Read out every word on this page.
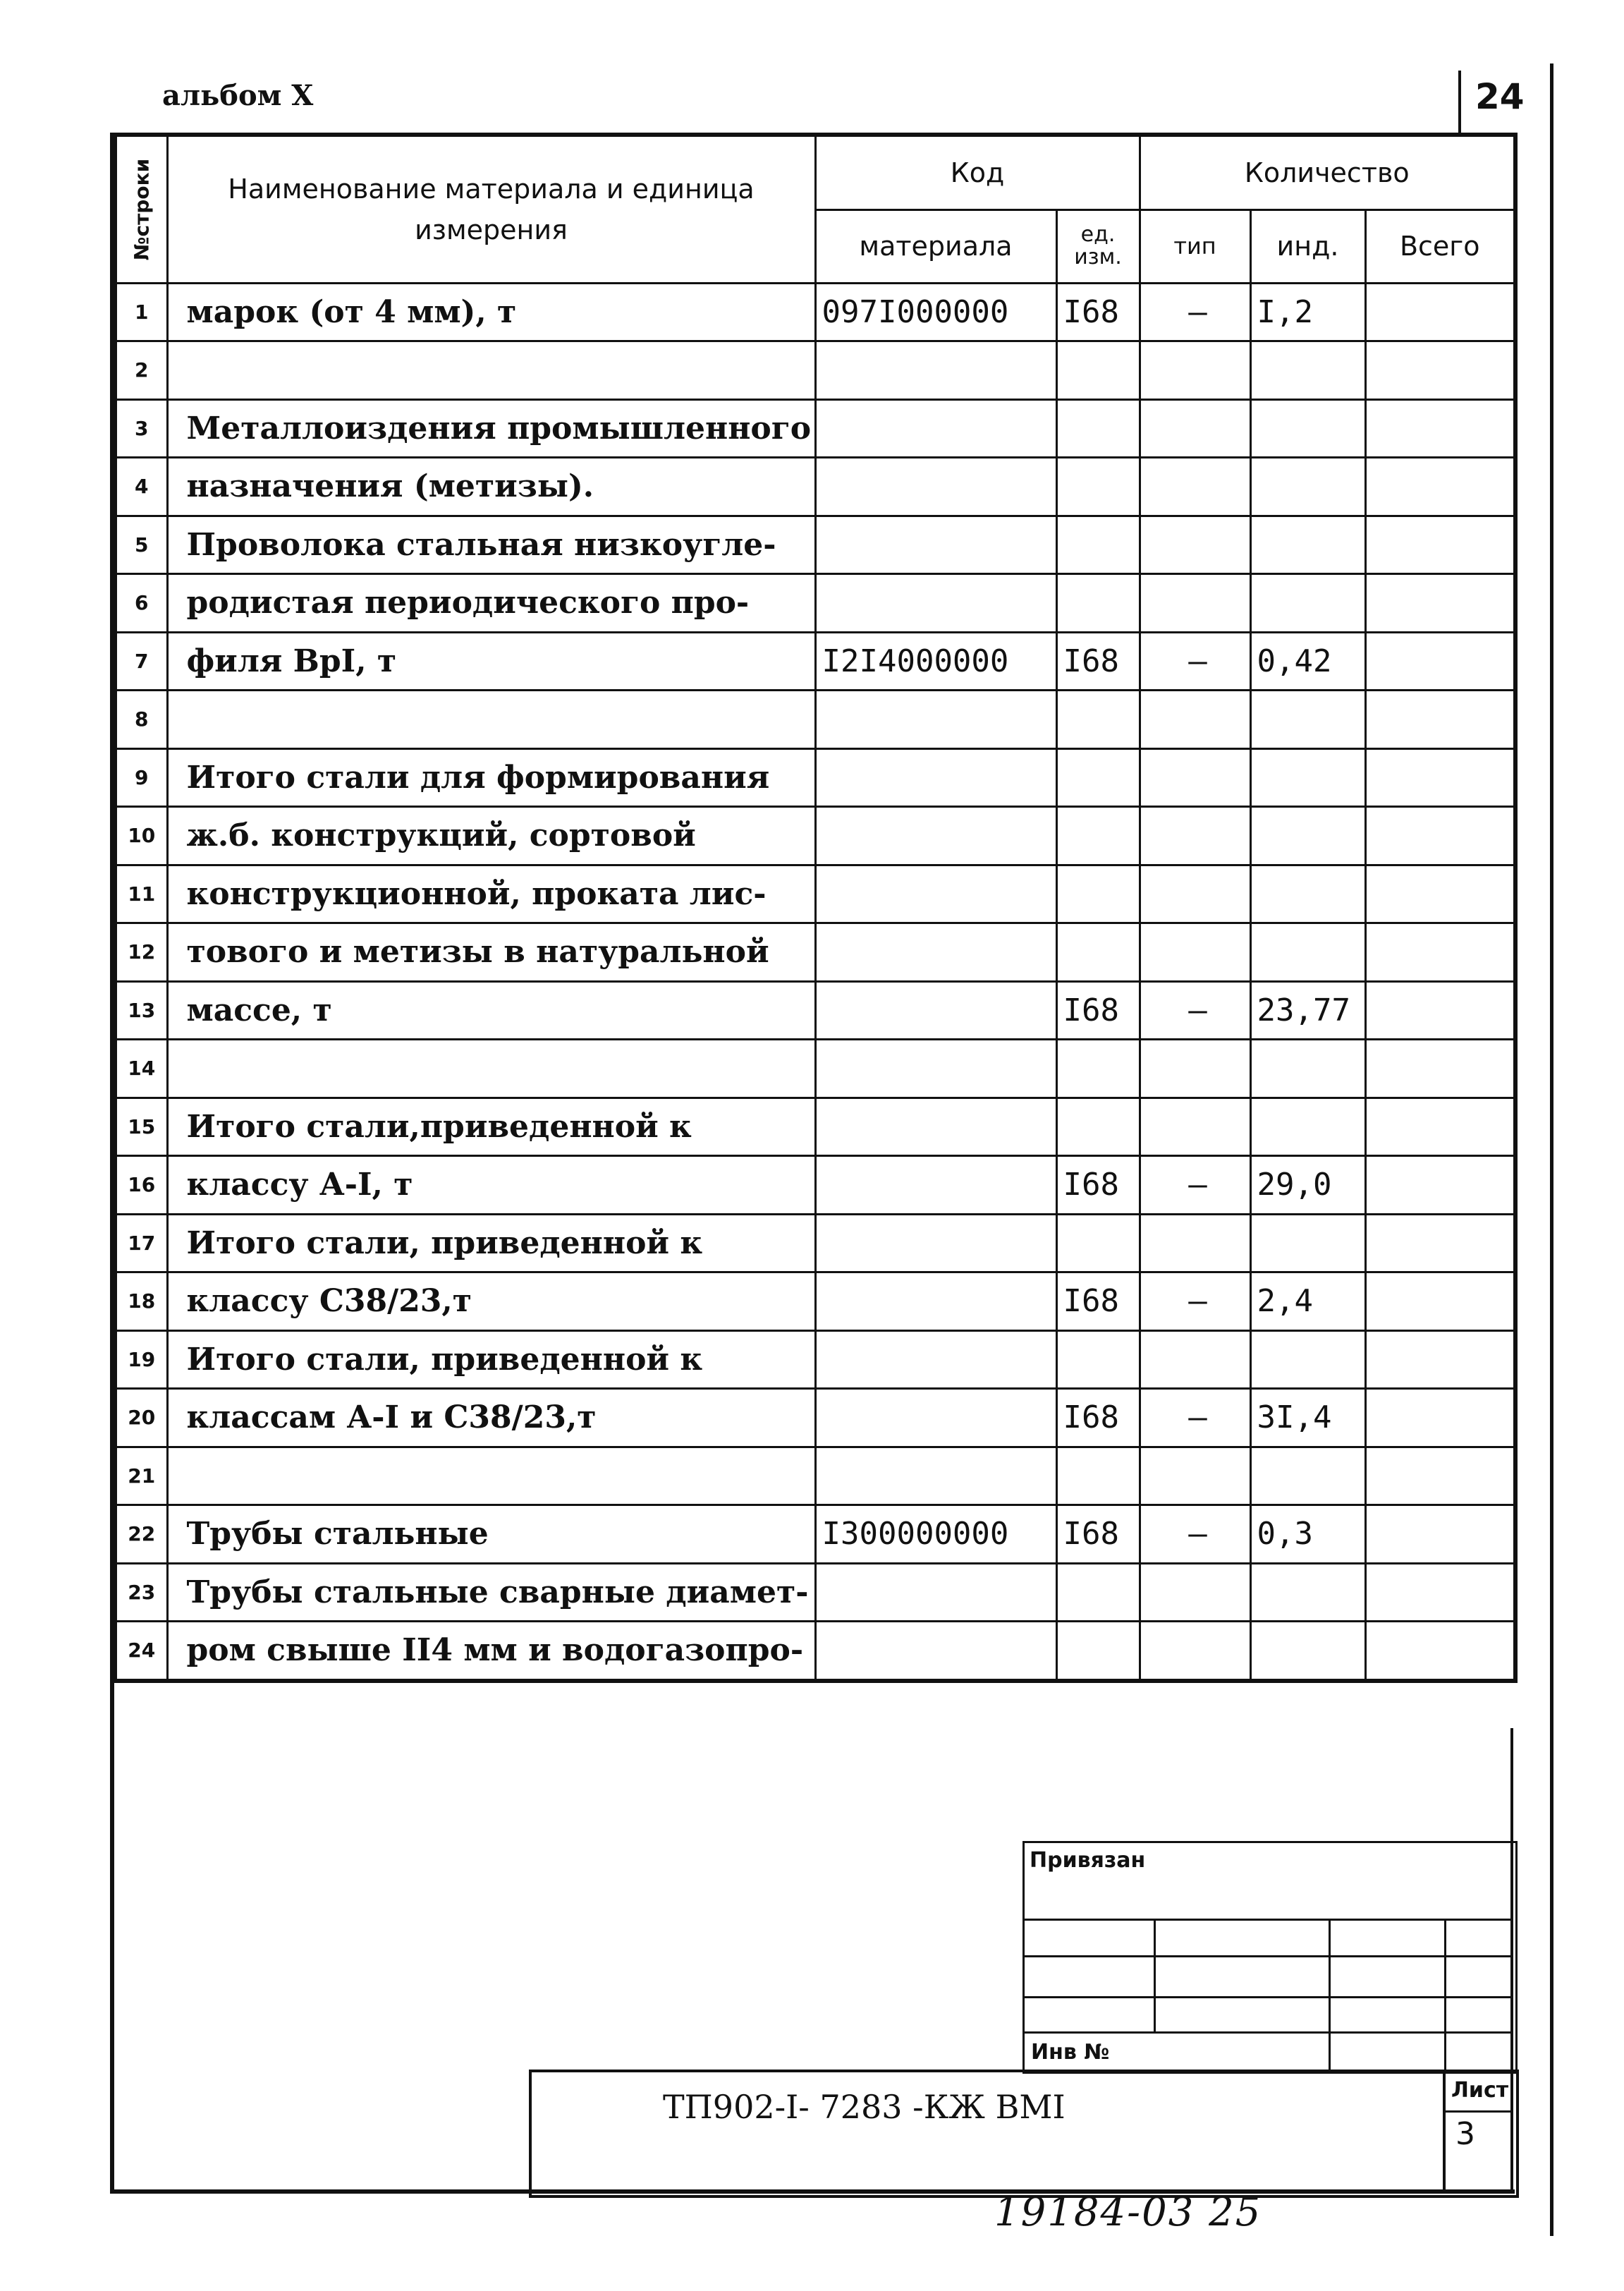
альбом X	24
№строки	Наименование материала и единица измерения	Код		Количество		
		материала	ед. изм.	тип	инд.	Всего
1	марок (от 4 мм), т	097I000000	I68	–	I,2	
2						
3	Металлоиздения промышленного					
4	назначения (метизы).					
5	Проволока стальная низкоугле-					
6	родистая периодического про-					
7	филя ВрI, т	I2I4000000	I68	–	0,42	
8						
9	Итого стали для формирования					
10	ж.б. конструкций, сортовой					
11	конструкционной, проката лис-					
12	тового и метизы в натуральной					
13	массе, т		I68	–	23,77	
14						
15	Итого стали,приведенной к					
16	классу А-I, т		I68	–	29,0	
17	Итого стали, приведенной к					
18	классу С38/23,т		I68	–	2,4	
19	Итого стали, приведенной к					
20	классам А-I и С38/23,т		I68	–	3I,4	
21						
22	Трубы стальные	I300000000	I68	–	0,3	
23	Трубы стальные сварные диамет-					
24	ром свыше II4 мм и водогазопро-					
Привязан
Инв №
ТП902-I- 7283 -КЖ ВМI	Лист
3
19184-03 25
